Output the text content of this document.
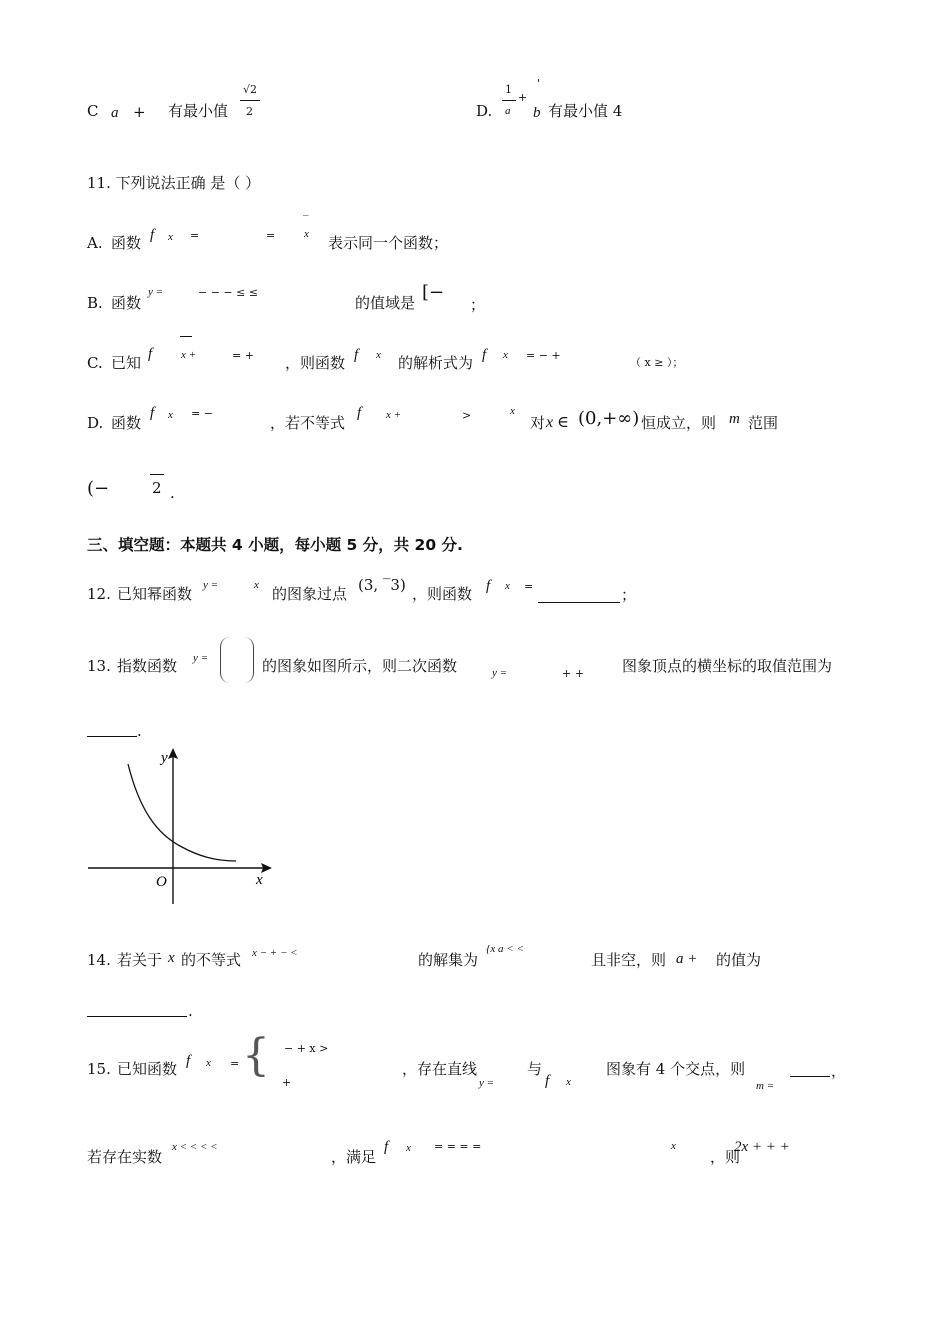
C a + 有最小值
√2
2	D.
1
a
+
'
b 有最小值 4
11. 下列说法正确 是（ ）
A. 函数 f x =	=
‾
x 表示同一个函数；
B. 函数
y =	− − − ≤ ≤
的值域是 [−
；
C. 已知 f	x +	= + ，则函数 f x 的解析式为 f x = − +
（ x ≥ ）；
D. 函数
f x = −
，若不等式
f x +	>	x
对 x ∈ (0,+∞) 恒成立，则 m 范围
(−	2 .
三、填空题：本题共 4 小题，每小题 5 分，共 20 分.
12. 已知幂函数 y =	x 的图象过点 (3, ‾3) ，则函数 f x =	；
13. 指数函数 y =	的图象如图所示，则二次函数	y =	+ +	图象顶点的横坐标的取值范围为
.
y
x
O
14. 若关于 x 的不等式 x − + − <	的解集为
{x a < <
且非空，则 a + 的值为
.
15. 已知函数 f x = { − + x >
+
，存在直线
y =
与
f x
图象有 4 个交点，则
m =
，
若存在实数
x < < < <
，满足
f x = = = =	x
，则
2x + + +
